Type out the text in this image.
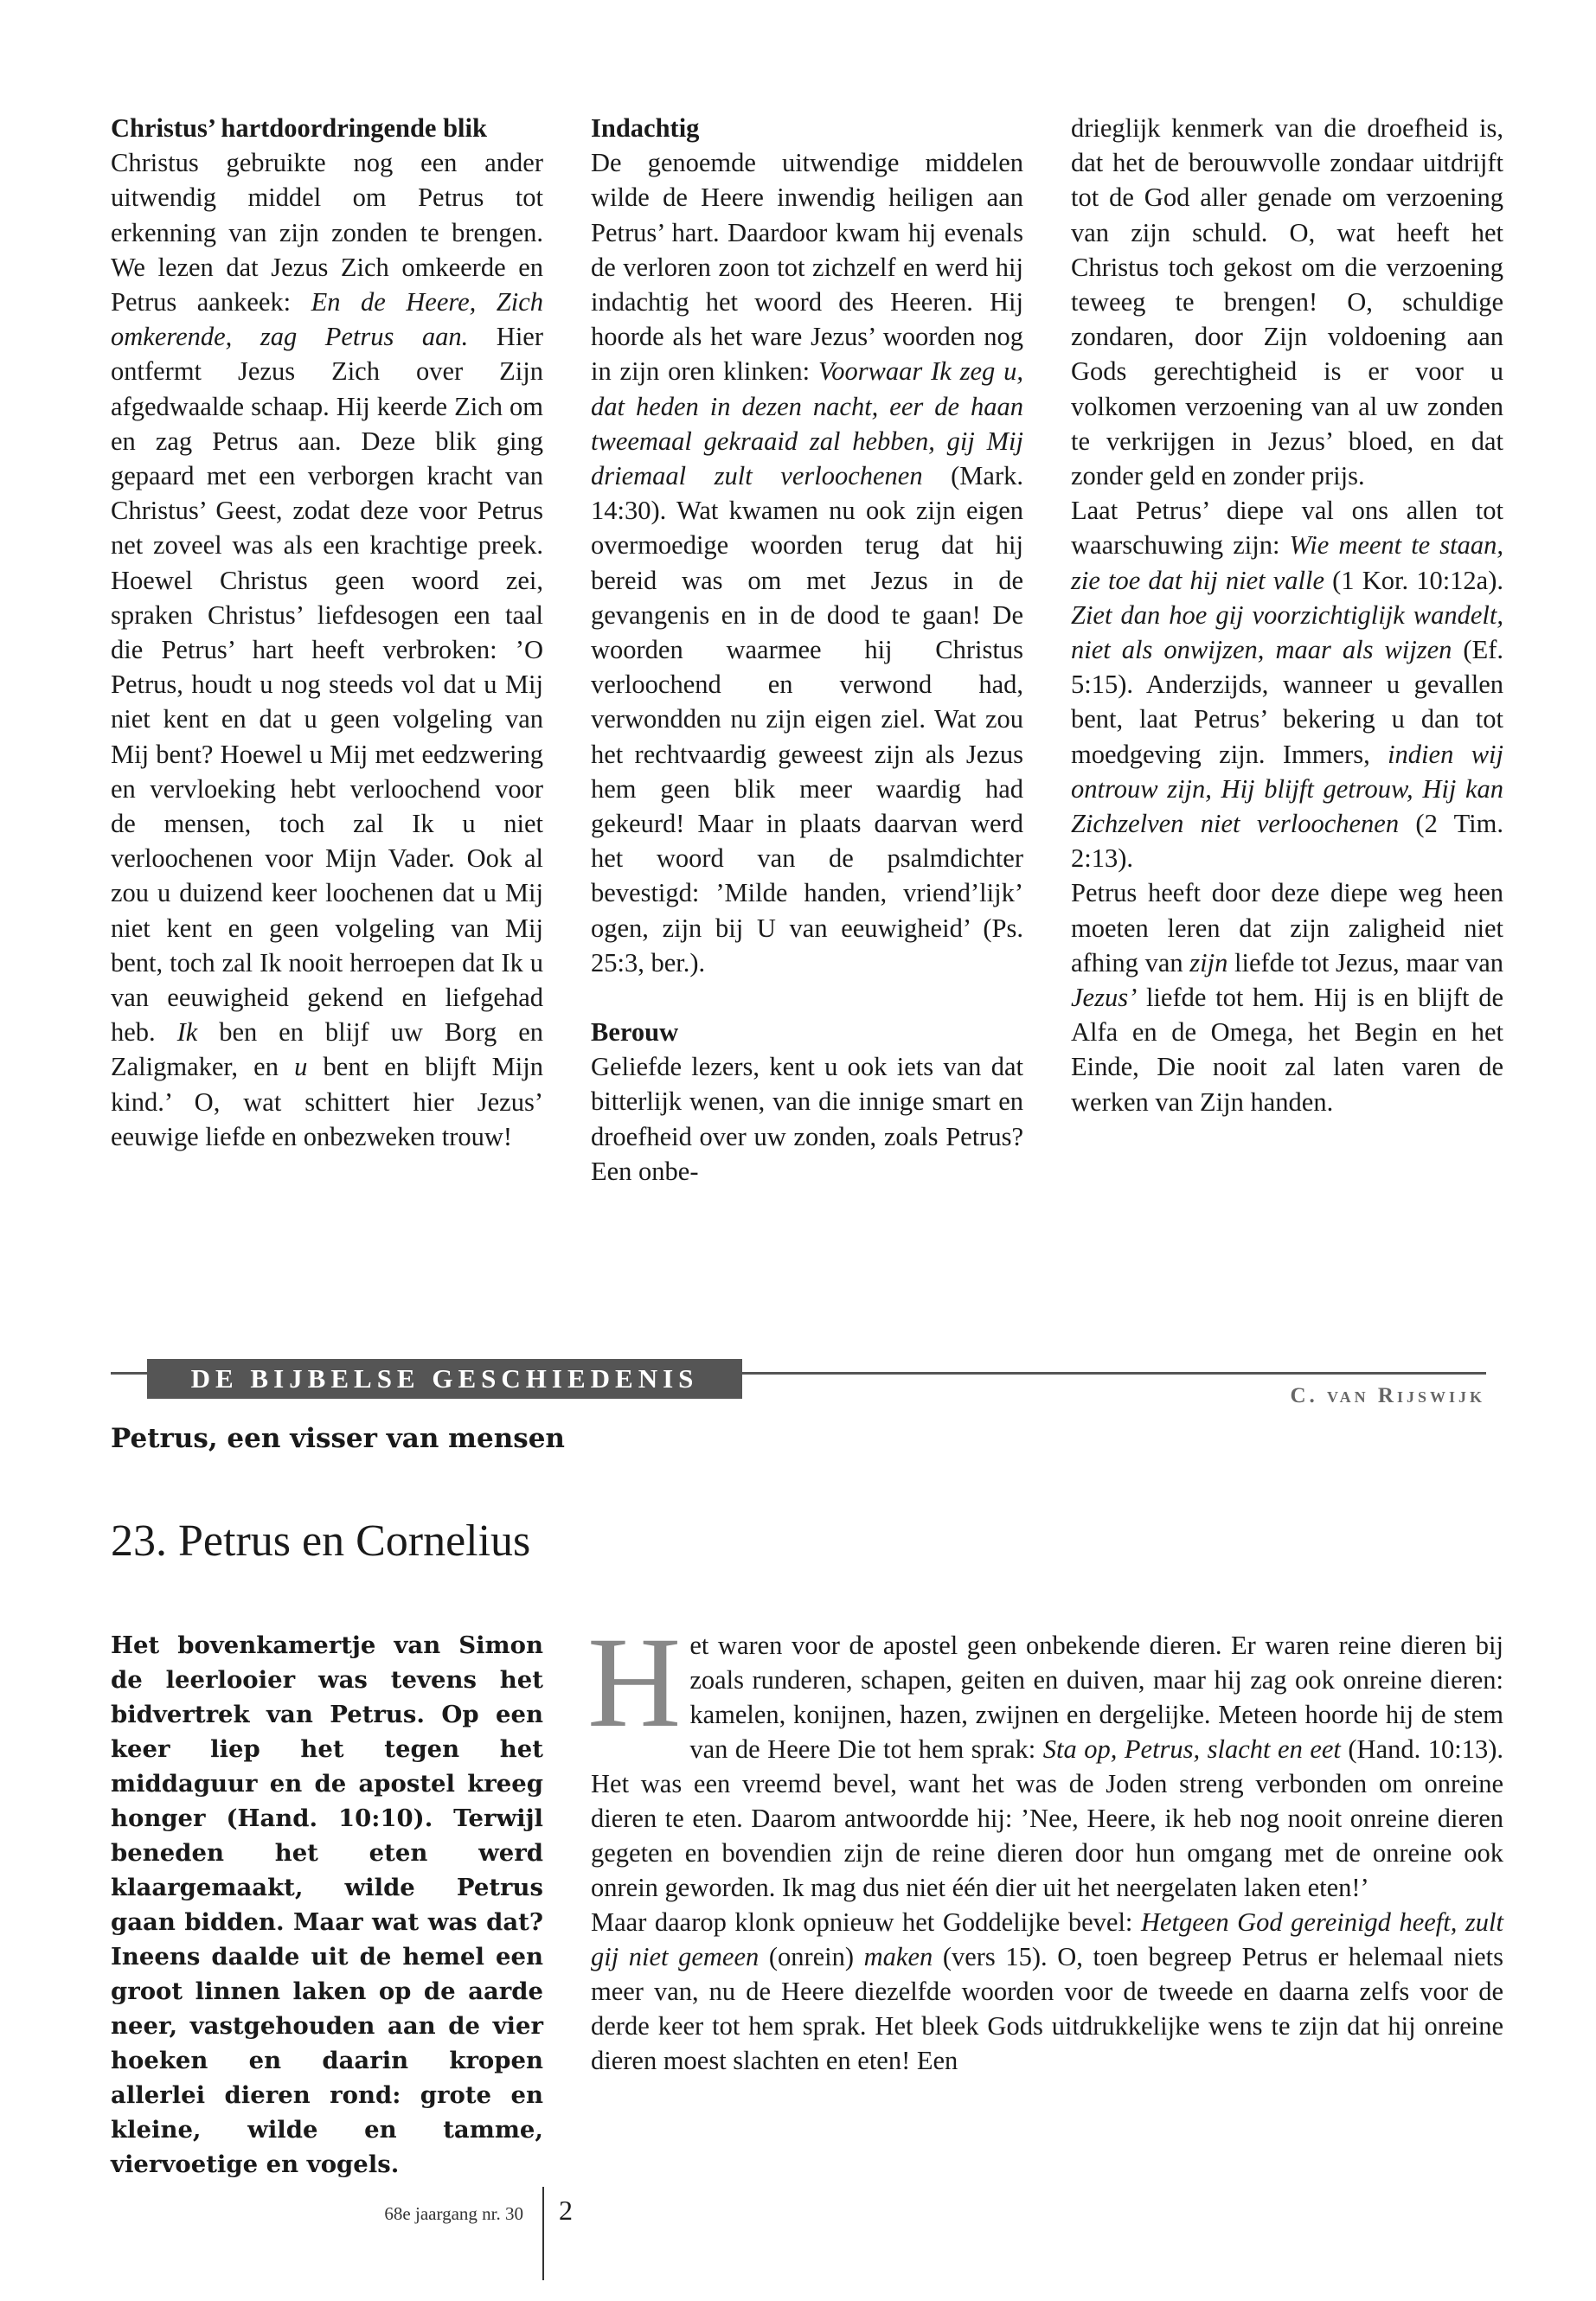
Christus’ hartdoordringende blik

Christus gebruikte nog een ander uitwendig middel om Petrus tot erkenning van zijn zonden te brengen. We lezen dat Jezus Zich omkeerde en Petrus aankeek: En de Heere, Zich omkerende, zag Petrus aan. Hier ontfermt Jezus Zich over Zijn afgedwaalde schaap. Hij keerde Zich om en zag Petrus aan. Deze blik ging gepaard met een verborgen kracht van Christus’ Geest, zodat deze voor Petrus net zoveel was als een krachtige preek. Hoewel Christus geen woord zei, spraken Christus’ liefdesogen een taal die Petrus’ hart heeft verbroken: ’O Petrus, houdt u nog steeds vol dat u Mij niet kent en dat u geen volgeling van Mij bent? Hoewel u Mij met eedzwering en vervloeking hebt verloochend voor de mensen, toch zal Ik u niet verloochenen voor Mijn Vader. Ook al zou u duizend keer loochenen dat u Mij niet kent en geen volgeling van Mij bent, toch zal Ik nooit herroepen dat Ik u van eeuwigheid gekend en liefgehad heb. Ik ben en blijf uw Borg en Zaligmaker, en u bent en blijft Mijn kind.’ O, wat schittert hier Jezus’ eeuwige liefde en onbezweken trouw!

Indachtig

De genoemde uitwendige middelen wilde de Heere inwendig heiligen aan Petrus’ hart. Daardoor kwam hij evenals de verloren zoon tot zichzelf en werd hij indachtig het woord des Heeren. Hij hoorde als het ware Jezus’ woorden nog in zijn oren klinken: Voorwaar Ik zeg u, dat heden in dezen nacht, eer de haan tweemaal gekraaid zal hebben, gij Mij driemaal zult verloochenen (Mark. 14:30). Wat kwamen nu ook zijn eigen overmoedige woorden terug dat hij bereid was om met Jezus in de gevangenis en in de dood te gaan! De woorden waarmee hij Christus verloochend en verwond had, verwondden nu zijn eigen ziel. Wat zou het rechtvaardig geweest zijn als Jezus hem geen blik meer waardig had gekeurd! Maar in plaats daarvan werd het woord van de psalmdichter bevestigd: ’Milde handen, vriend’lijk’ ogen, zijn bij U van eeuwigheid’ (Ps. 25:3, ber.).

Berouw

Geliefde lezers, kent u ook iets van dat bitterlijk wenen, van die innige smart en droefheid over uw zonden, zoals Petrus? Een onbe-

drieglijk kenmerk van die droefheid is, dat het de berouwvolle zondaar uitdrijft tot de God aller genade om verzoening van zijn schuld. O, wat heeft het Christus toch gekost om die verzoening teweeg te brengen! O, schuldige zondaren, door Zijn voldoening aan Gods gerechtigheid is er voor u volkomen verzoening van al uw zonden te verkrijgen in Jezus’ bloed, en dat zonder geld en zonder prijs.

Laat Petrus’ diepe val ons allen tot waarschuwing zijn: Wie meent te staan, zie toe dat hij niet valle (1 Kor. 10:12a). Ziet dan hoe gij voorzichtiglijk wandelt, niet als onwijzen, maar als wijzen (Ef. 5:15). Anderzijds, wanneer u gevallen bent, laat Petrus’ bekering u dan tot moedgeving zijn. Immers, indien wij ontrouw zijn, Hij blijft getrouw, Hij kan Zichzelven niet verloochenen (2 Tim. 2:13).

Petrus heeft door deze diepe weg heen moeten leren dat zijn zaligheid niet afhing van zijn liefde tot Jezus, maar van Jezus’ liefde tot hem. Hij is en blijft de Alfa en de Omega, het Begin en het Einde, Die nooit zal laten varen de werken van Zijn handen.

DE BIJBELSE GESCHIEDENIS
C. van Rijswijk
Petrus, een visser van mensen
23. Petrus en Cornelius
Het bovenkamertje van Simon de leerlooier was tevens het bidvertrek van Petrus. Op een keer liep het tegen het middaguur en de apostel kreeg honger (Hand. 10:10). Terwijl beneden het eten werd klaargemaakt, wilde Petrus gaan bidden. Maar wat was dat? Ineens daalde uit de hemel een groot linnen laken op de aarde neer, vastgehouden aan de vier hoeken en daarin kropen allerlei dieren rond: grote en kleine, wilde en tamme, viervoetige en vogels.
H et waren voor de apostel geen onbekende dieren. Er waren reine dieren bij zoals runderen, schapen, geiten en duiven, maar hij zag ook onreine dieren: kamelen, konijnen, hazen, zwijnen en dergelijke. Meteen hoorde hij de stem van de Heere Die tot hem sprak: Sta op, Petrus, slacht en eet (Hand. 10:13). Het was een vreemd bevel, want het was de Joden streng verbonden om onreine dieren te eten. Daarom antwoordde hij: ’Nee, Heere, ik heb nog nooit onreine dieren gegeten en bovendien zijn de reine dieren door hun omgang met de onreine ook onrein geworden. Ik mag dus niet één dier uit het neergelaten laken eten!’

Maar daarop klonk opnieuw het Goddelijke bevel: Hetgeen God gereinigd heeft, zult gij niet gemeen (onrein) maken (vers 15). O, toen begreep Petrus er helemaal niets meer van, nu de Heere diezelfde woorden voor de tweede en daarna zelfs voor de derde keer tot hem sprak. Het bleek Gods uitdrukkelijke wens te zijn dat hij onreine dieren moest slachten en eten! Een

68e jaargang nr. 30 2
